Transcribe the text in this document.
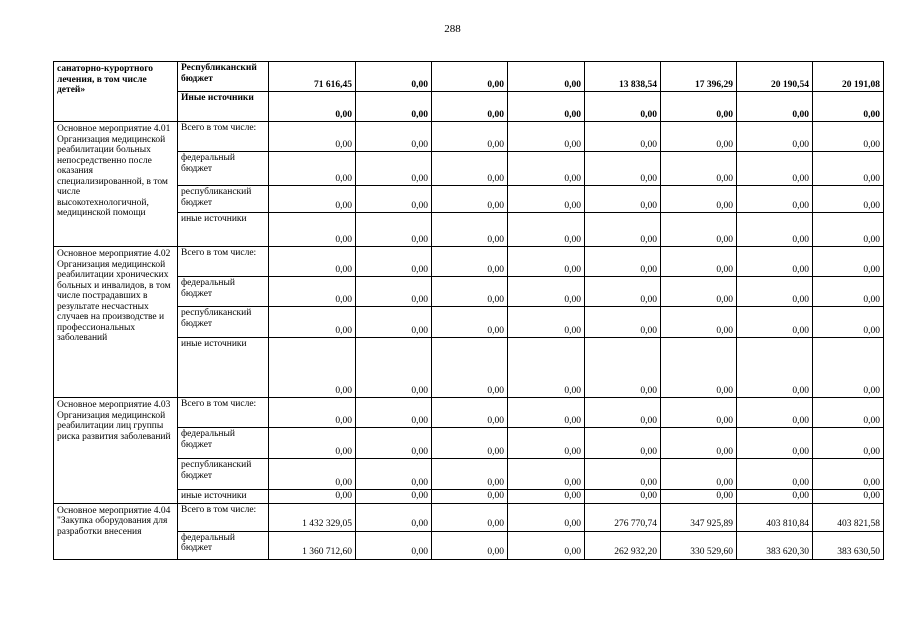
288
санаторно-курортного лечения, в том числе детей»	Республиканский бюджет	71 616,45	0,00	0,00	0,00	13 838,54	17 396,29	20 190,54	20 191,08
	Иные источники	0,00	0,00	0,00	0,00	0,00	0,00	0,00	0,00
Основное мероприятие 4.01 Организация медицинской реабилитации больных непосредственно после оказания специализированной, в том числе высокотехнологичной, медицинской помощи	Всего в том числе:	0,00	0,00	0,00	0,00	0,00	0,00	0,00	0,00
	федеральный бюджет	0,00	0,00	0,00	0,00	0,00	0,00	0,00	0,00
	республиканский бюджет	0,00	0,00	0,00	0,00	0,00	0,00	0,00	0,00
	иные источники	0,00	0,00	0,00	0,00	0,00	0,00	0,00	0,00
Основное мероприятие 4.02 Организация медицинской реабилитации хронических больных и инвалидов, в том числе пострадавших в результате несчастных случаев на производстве и профессиональных заболеваний	Всего в том числе:	0,00	0,00	0,00	0,00	0,00	0,00	0,00	0,00
	федеральный бюджет	0,00	0,00	0,00	0,00	0,00	0,00	0,00	0,00
	республиканский бюджет	0,00	0,00	0,00	0,00	0,00	0,00	0,00	0,00
	иные источники	0,00	0,00	0,00	0,00	0,00	0,00	0,00	0,00
Основное мероприятие 4.03 Организация медицинской реабилитации лиц группы риска развития заболеваний	Всего в том числе:	0,00	0,00	0,00	0,00	0,00	0,00	0,00	0,00
	федеральный бюджет	0,00	0,00	0,00	0,00	0,00	0,00	0,00	0,00
	республиканский бюджет	0,00	0,00	0,00	0,00	0,00	0,00	0,00	0,00
	иные источники	0,00	0,00	0,00	0,00	0,00	0,00	0,00	0,00
Основное мероприятие 4.04 "Закупка оборудования для разработки внесения	Всего в том числе:	1 432 329,05	0,00	0,00	0,00	276 770,74	347 925,89	403 810,84	403 821,58
	федеральный бюджет	1 360 712,60	0,00	0,00	0,00	262 932,20	330 529,60	383 620,30	383 630,50
